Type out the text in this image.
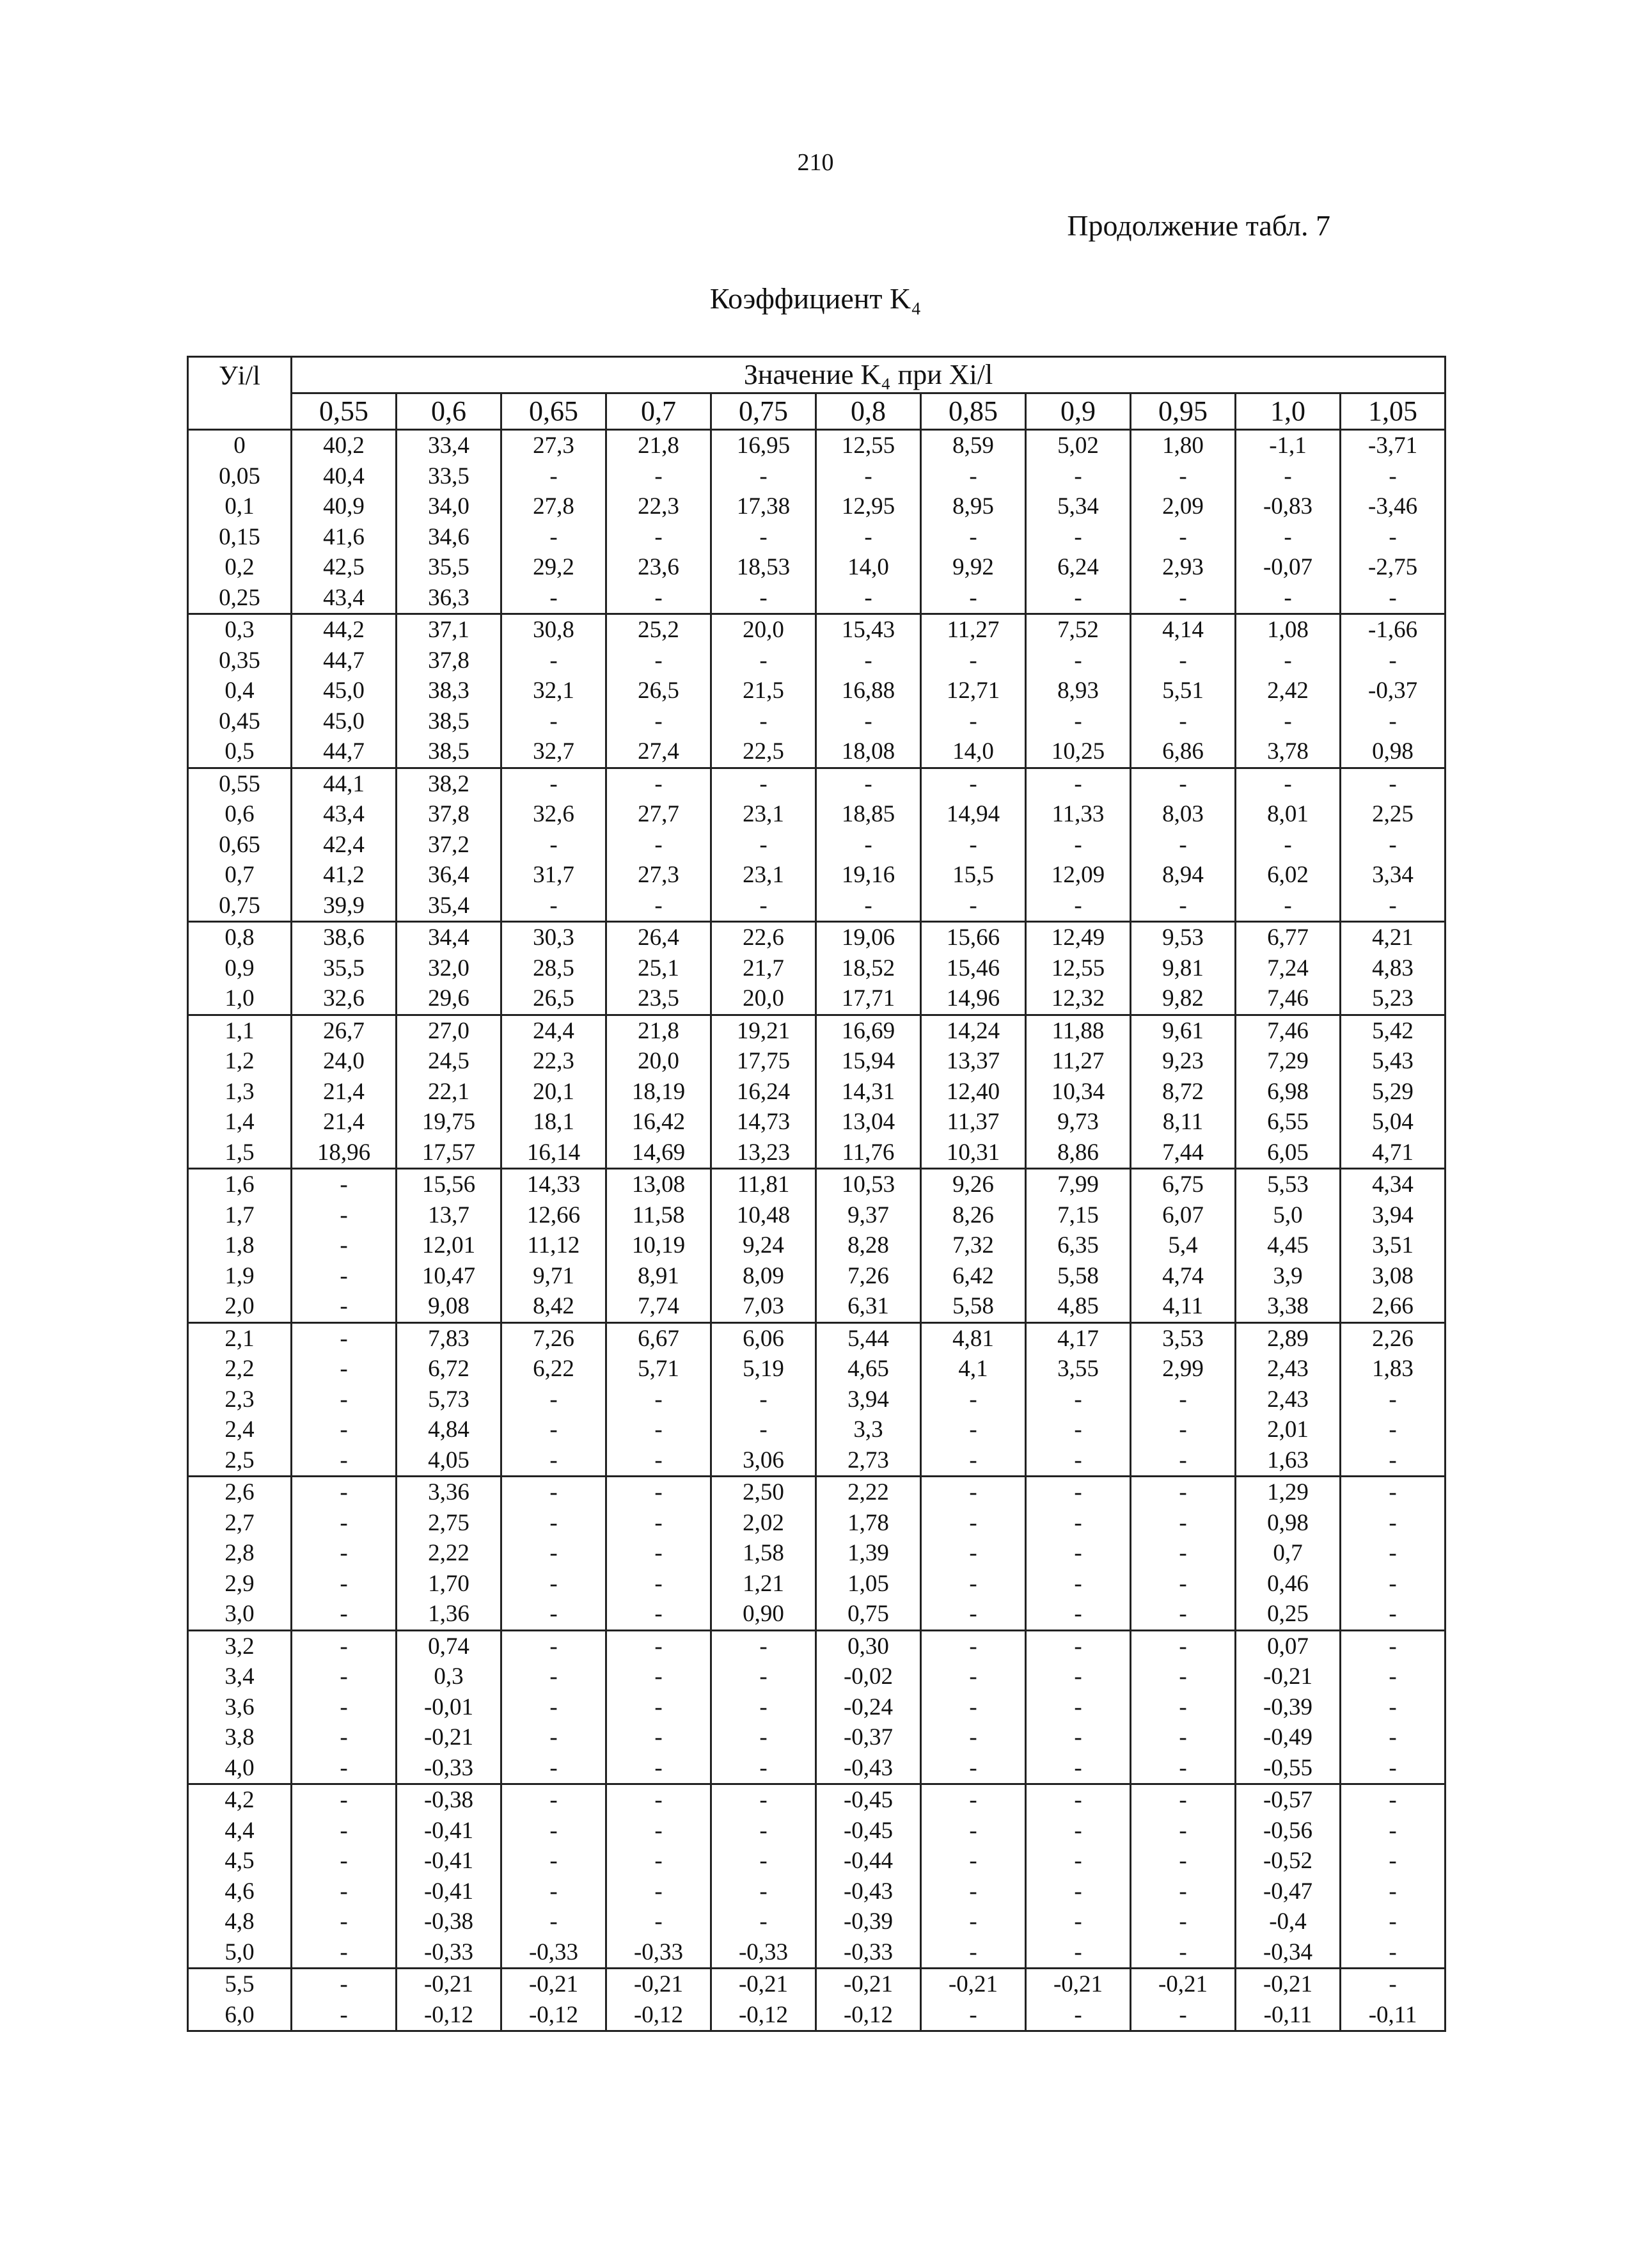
210
Продолжение табл. 7
Коэффициент K₄
Уi/l	Значение K₄ при Xi/l										
	0,55	0,6	0,65	0,7	0,75	0,8	0,85	0,9	0,95	1,0	1,05
0	40,2	33,4	27,3	21,8	16,95	12,55	8,59	5,02	1,80	-1,1	-3,71
0,05	40,4	33,5	-	-	-	-	-	-	-	-	-
0,1	40,9	34,0	27,8	22,3	17,38	12,95	8,95	5,34	2,09	-0,83	-3,46
0,15	41,6	34,6	-	-	-	-	-	-	-	-	-
0,2	42,5	35,5	29,2	23,6	18,53	14,0	9,92	6,24	2,93	-0,07	-2,75
0,25	43,4	36,3	-	-	-	-	-	-	-	-	-
0,3	44,2	37,1	30,8	25,2	20,0	15,43	11,27	7,52	4,14	1,08	-1,66
0,35	44,7	37,8	-	-	-	-	-	-	-	-	-
0,4	45,0	38,3	32,1	26,5	21,5	16,88	12,71	8,93	5,51	2,42	-0,37
0,45	45,0	38,5	-	-	-	-	-	-	-	-	-
0,5	44,7	38,5	32,7	27,4	22,5	18,08	14,0	10,25	6,86	3,78	0,98
0,55	44,1	38,2	-	-	-	-	-	-	-	-	-
0,6	43,4	37,8	32,6	27,7	23,1	18,85	14,94	11,33	8,03	8,01	2,25
0,65	42,4	37,2	-	-	-	-	-	-	-	-	-
0,7	41,2	36,4	31,7	27,3	23,1	19,16	15,5	12,09	8,94	6,02	3,34
0,75	39,9	35,4	-	-	-	-	-	-	-	-	-
0,8	38,6	34,4	30,3	26,4	22,6	19,06	15,66	12,49	9,53	6,77	4,21
0,9	35,5	32,0	28,5	25,1	21,7	18,52	15,46	12,55	9,81	7,24	4,83
1,0	32,6	29,6	26,5	23,5	20,0	17,71	14,96	12,32	9,82	7,46	5,23
1,1	26,7	27,0	24,4	21,8	19,21	16,69	14,24	11,88	9,61	7,46	5,42
1,2	24,0	24,5	22,3	20,0	17,75	15,94	13,37	11,27	9,23	7,29	5,43
1,3	21,4	22,1	20,1	18,19	16,24	14,31	12,40	10,34	8,72	6,98	5,29
1,4	21,4	19,75	18,1	16,42	14,73	13,04	11,37	9,73	8,11	6,55	5,04
1,5	18,96	17,57	16,14	14,69	13,23	11,76	10,31	8,86	7,44	6,05	4,71
1,6	-	15,56	14,33	13,08	11,81	10,53	9,26	7,99	6,75	5,53	4,34
1,7	-	13,7	12,66	11,58	10,48	9,37	8,26	7,15	6,07	5,0	3,94
1,8	-	12,01	11,12	10,19	9,24	8,28	7,32	6,35	5,4	4,45	3,51
1,9	-	10,47	9,71	8,91	8,09	7,26	6,42	5,58	4,74	3,9	3,08
2,0	-	9,08	8,42	7,74	7,03	6,31	5,58	4,85	4,11	3,38	2,66
2,1	-	7,83	7,26	6,67	6,06	5,44	4,81	4,17	3,53	2,89	2,26
2,2	-	6,72	6,22	5,71	5,19	4,65	4,1	3,55	2,99	2,43	1,83
2,3	-	5,73	-	-	-	3,94	-	-	-	2,43	-
2,4	-	4,84	-	-	-	3,3	-	-	-	2,01	-
2,5	-	4,05	-	-	3,06	2,73	-	-	-	1,63	-
2,6	-	3,36	-	-	2,50	2,22	-	-	-	1,29	-
2,7	-	2,75	-	-	2,02	1,78	-	-	-	0,98	-
2,8	-	2,22	-	-	1,58	1,39	-	-	-	0,7	-
2,9	-	1,70	-	-	1,21	1,05	-	-	-	0,46	-
3,0	-	1,36	-	-	0,90	0,75	-	-	-	0,25	-
3,2	-	0,74	-	-	-	0,30	-	-	-	0,07	-
3,4	-	0,3	-	-	-	-0,02	-	-	-	-0,21	-
3,6	-	-0,01	-	-	-	-0,24	-	-	-	-0,39	-
3,8	-	-0,21	-	-	-	-0,37	-	-	-	-0,49	-
4,0	-	-0,33	-	-	-	-0,43	-	-	-	-0,55	-
4,2	-	-0,38	-	-	-	-0,45	-	-	-	-0,57	-
4,4	-	-0,41	-	-	-	-0,45	-	-	-	-0,56	-
4,5	-	-0,41	-	-	-	-0,44	-	-	-	-0,52	-
4,6	-	-0,41	-	-	-	-0,43	-	-	-	-0,47	-
4,8	-	-0,38	-	-	-	-0,39	-	-	-	-0,4	-
5,0	-	-0,33	-0,33	-0,33	-0,33	-0,33	-	-	-	-0,34	-
5,5	-	-0,21	-0,21	-0,21	-0,21	-0,21	-0,21	-0,21	-0,21	-0,21	-
6,0	-	-0,12	-0,12	-0,12	-0,12	-0,12	-	-	-	-0,11	-0,11
